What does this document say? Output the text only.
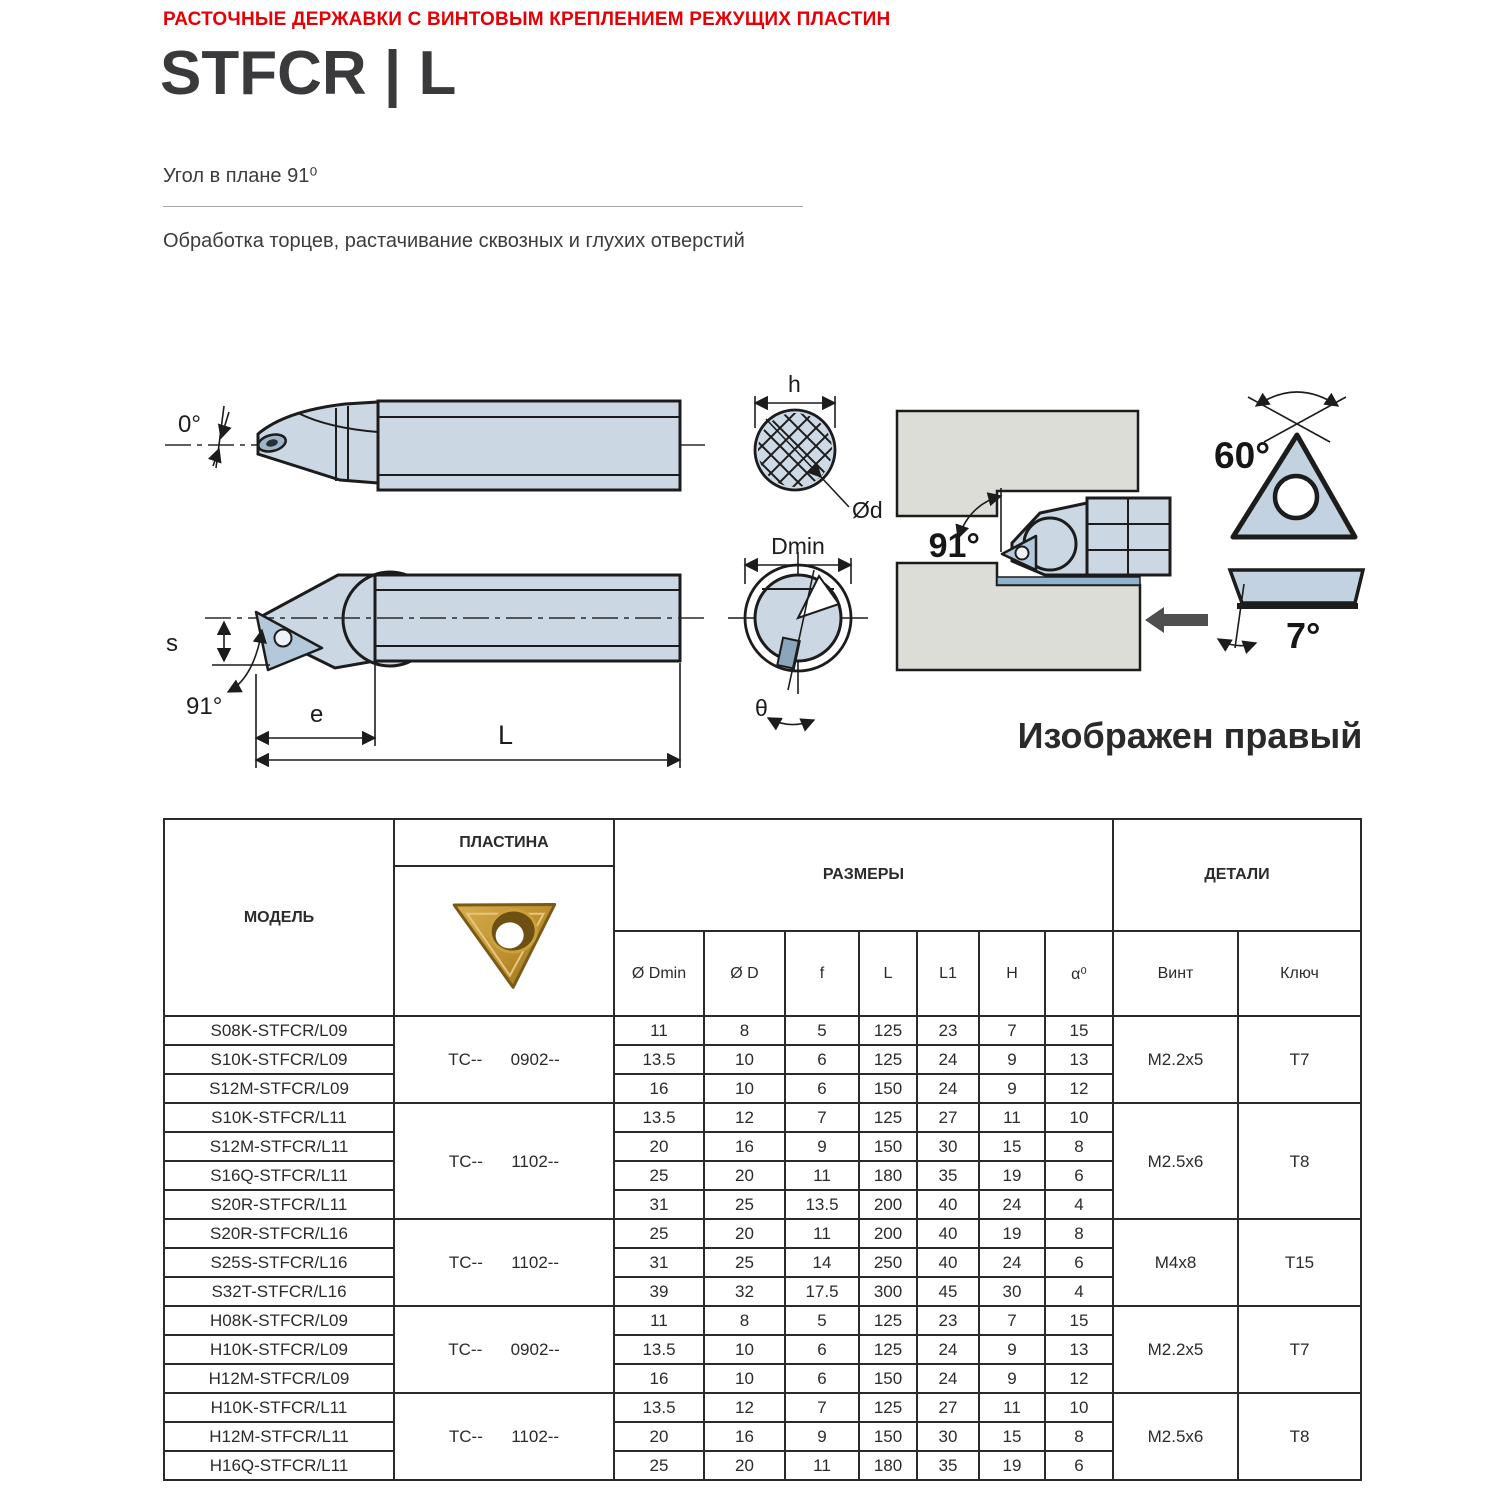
РАСТОЧНЫЕ ДЕРЖАВКИ С ВИНТОВЫМ КРЕПЛЕНИЕМ РЕЖУЩИХ ПЛАСТИН
STFCR | L
Угол в плане 91⁰
Обработка торцев, растачивание сквозных и глухих отверстий
0°
s
91°	e
L
h
Ød
Dmin
θ
91°
60°
7°
Изображен правый
МОДЕЛЬ	ПЛАСТИНА	РАЗМЕРЫ							ДЕТАЛИ	

		Ø Dmin	Ø D	f	L	L1	H	α⁰	Винт	Ключ
S08K-STFCR/L09	TC--      0902--	11	8	5	125	23	7	15	M2.2x5	T7
S10K-STFCR/L09		13.5	10	6	125	24	9	13		
S12M-STFCR/L09		16	10	6	150	24	9	12		
S10K-STFCR/L11	TC--      1102--	13.5	12	7	125	27	11	10	M2.5x6	T8
S12M-STFCR/L11		20	16	9	150	30	15	8		
S16Q-STFCR/L11		25	20	11	180	35	19	6		
S20R-STFCR/L11		31	25	13.5	200	40	24	4		
S20R-STFCR/L16	TC--      1102--	25	20	11	200	40	19	8	M4x8	T15
S25S-STFCR/L16		31	25	14	250	40	24	6		
S32T-STFCR/L16		39	32	17.5	300	45	30	4		
H08K-STFCR/L09	TC--      0902--	11	8	5	125	23	7	15	M2.2x5	T7
H10K-STFCR/L09		13.5	10	6	125	24	9	13		
H12M-STFCR/L09		16	10	6	150	24	9	12		
H10K-STFCR/L11	TC--      1102--	13.5	12	7	125	27	11	10	M2.5x6	T8
H12M-STFCR/L11		20	16	9	150	30	15	8		
H16Q-STFCR/L11		25	20	11	180	35	19	6		
